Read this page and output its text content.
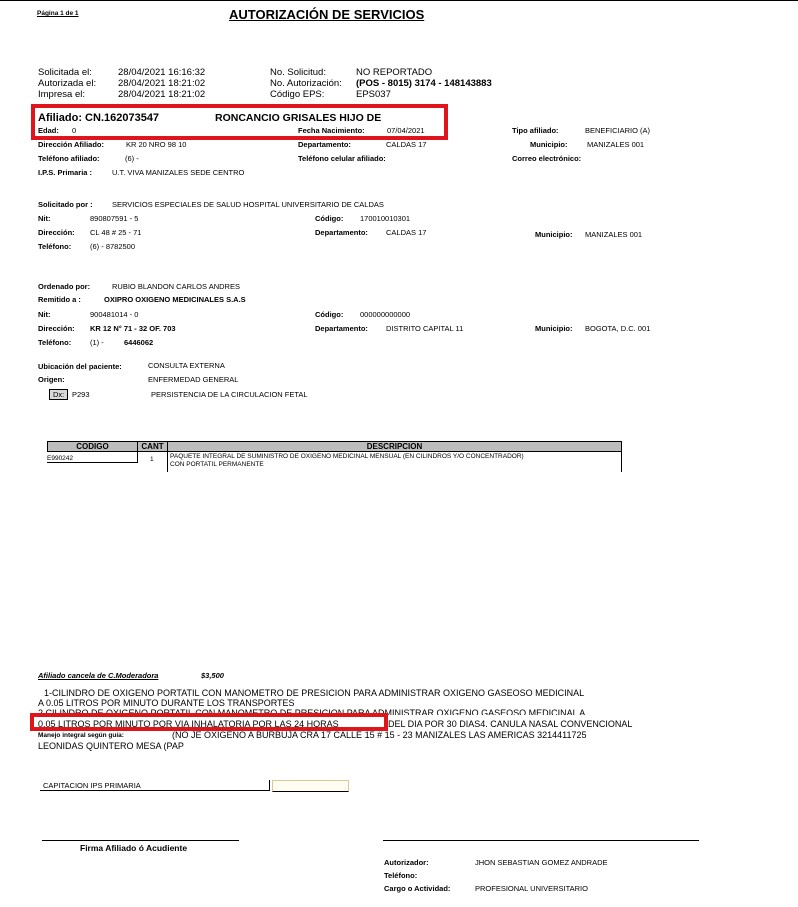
Página 1 de 1	AUTORIZACIÓN DE SERVICIOS
Solicitada el:	28/04/2021 16:16:32
Autorizada el: 28/04/2021 18:21:02
Impresa el:	28/04/2021 18:21:02
No. Solicitud:	NO REPORTADO
No. Autorización: (POS - 8015) 3174 - 148143883
Código EPS:	EPS037
Afiliado: CN.162073547	RONCANCIO GRISALES HIJO DE
Edad: 0	Fecha Nacimiento:	07/04/2021	Tipo afiliado:	BENEFICIARIO (A)
Dirección Afiliado:	KR 20 NRO 98 10	Departamento:	CALDAS 17	Municipio:	MANIZALES 001
Teléfono afiliado:	(6) -	Teléfono celular afiliado:	Correo electrónico:
I.P.S. Primaria :	U.T. VIVA MANIZALES SEDE CENTRO
Solicitado por :	SERVICIOS ESPECIALES DE SALUD HOSPITAL UNIVERSITARIO DE CALDAS
Nit:	890807591 - 5	Código: 170010010301
Dirección: CL 48 # 25 - 71	Departamento: CALDAS 17	Municipio: MANIZALES 001
Teléfono:	(6) - 8782500
Ordenado por:	RUBIO BLANDON CARLOS ANDRES
Remitido a :	OXIPRO OXIGENO MEDICINALES S.A.S
Nit:	900481014 - 0	Código: 000000000000
Dirección: KR 12 N° 71 - 32 OF. 703	Departamento: DISTRITO CAPITAL 11	Municipio: BOGOTA, D.C. 001
Teléfono:	(1) -	6446062
Ubicación del paciente:	CONSULTA EXTERNA
Origen:	ENFERMEDAD GENERAL
Dx:	P293	PERSISTENCIA DE LA CIRCULACION FETAL
CODIGO	CANT	DESCRIPCION
E990242	1	PAQUETE INTEGRAL DE SUMINISTRO DE OXIGENO MEDICINAL MENSUAL (EN CILINDROS Y/O CONCENTRADOR)
CON PORTATIL PERMANENTE
Afiliado cancela de C.Moderadora	$3,500
1-CILINDRO DE OXIGENO PORTATIL CON MANOMETRO DE PRESICION PARA ADMINISTRAR OXIGENO GASEOSO MEDICINAL
A 0.05 LITROS POR MINUTO DURANTE LOS TRANSPORTES
2 CILINDRO DE OXIGENO PORTATIL CON MANOMETRO DE PRESICION PARA ADMINISTRAR OXIGENO GASEOSO MEDICINAL A
0.05 LITROS POR MINUTO POR VIA INHALATORIA POR LAS 24 HORAS	DEL DIA POR 30 DIAS4. CANULA NASAL CONVENCIONAL
Manejo integral según guía:	(NO JE OXIGENO A BURBUJA CRA 17 CALLE 15 # 15 - 23 MANIZALES LAS AMERICAS 3214411725
LEONIDAS QUINTERO MESA (PAP
CAPITACION IPS PRIMARIA
Firma Afiliado ó Acudiente
Autorizador:	JHON SEBASTIAN GOMEZ ANDRADE
Teléfono:
Cargo o Actividad:	PROFESIONAL UNIVERSITARIO
